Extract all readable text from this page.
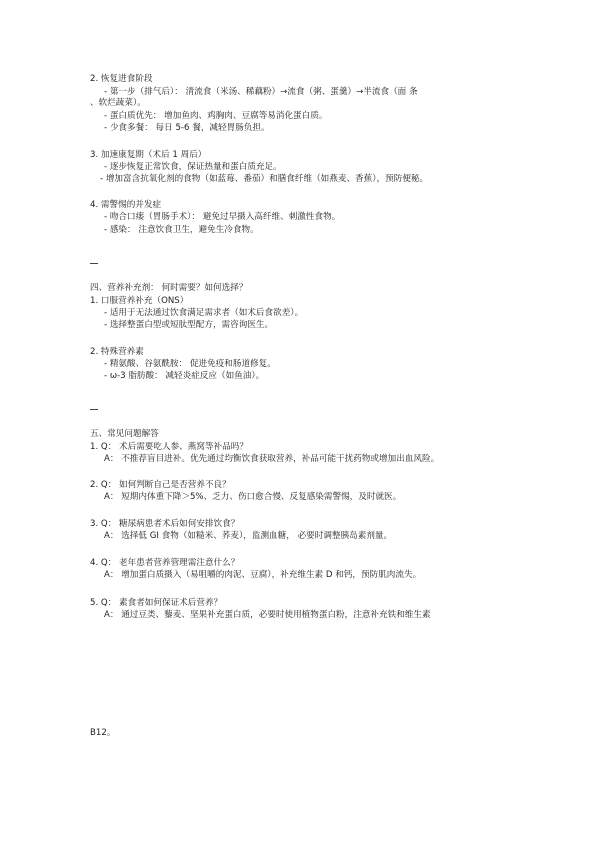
2. 恢复进食阶段
- 第一步（排气后）： 清流食（米汤、稀藕粉）→流食（粥、蛋羹）→半流食（面 条
、软烂蔬菜）。
- 蛋白质优先： 增加鱼肉、鸡胸肉、豆腐等易消化蛋白质。
- 少食多餐： 每日 5-6 餐，减轻胃肠负担。
3. 加速康复期（术后 1 周后）
- 逐步恢复正常饮食，保证热量和蛋白质充足。
- 增加富含抗氧化剂的食物（如蓝莓、番茄）和膳食纤维（如燕麦、香蕉），预防便秘。
4. 需警惕的并发症
- 吻合口瘘（胃肠手术）： 避免过早摄入高纤维、刺激性食物。
- 感染： 注意饮食卫生，避免生冷食物。
四、营养补充剂： 何时需要？如何选择？
1. 口服营养补充（ONS）
- 适用于无法通过饮食满足需求者（如术后食欲差）。
- 选择整蛋白型或短肽型配方，需咨询医生。
2. 特殊营养素
- 精氨酸、谷氨酰胺： 促进免疫和肠道修复。
- ω-3 脂肪酸： 减轻炎症反应（如鱼油）。
五、常见问题解答
1. Q： 术后需要吃人参、燕窝等补品吗？
A： 不推荐盲目进补。优先通过均衡饮食获取营养，补品可能干扰药物或增加出血风险。
2. Q： 如何判断自己是否营养不良？
A： 短期内体重下降＞5%、乏力、伤口愈合慢、反复感染需警惕，及时就医。
3. Q： 糖尿病患者术后如何安排饮食？
A： 选择低 GI 食物（如糙米、荞麦），监测血糖， 必要时调整胰岛素剂量。
4. Q： 老年患者营养管理需注意什么？
A： 增加蛋白质摄入（易咀嚼的肉泥、豆腐），补充维生素 D 和钙，预防肌肉流失。
5. Q： 素食者如何保证术后营养？
A： 通过豆类、藜麦、坚果补充蛋白质，必要时使用植物蛋白粉，注意补充铁和维生素
B12。
